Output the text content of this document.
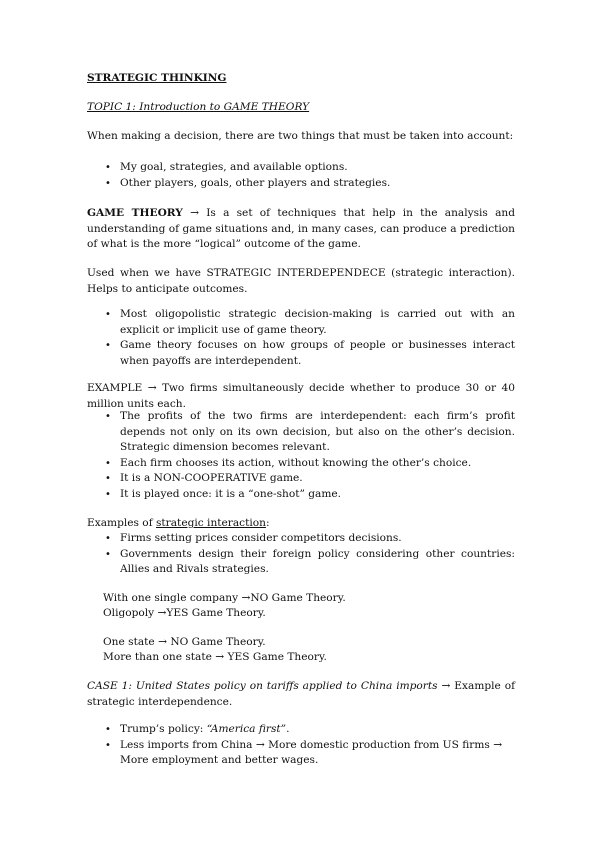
STRATEGIC THINKING

TOPIC 1: Introduction to GAME THEORY

When making a decision, there are two things that must be taken into account:

• My goal, strategies, and available options.
• Other players, goals, other players and strategies.

GAME THEORY → Is a set of techniques that help in the analysis and understanding of game situations and, in many cases, can produce a prediction of what is the more “logical” outcome of the game.

Used when we have STRATEGIC INTERDEPENDECE (strategic interaction). Helps to anticipate outcomes.

• Most oligopolistic strategic decision-making is carried out with an explicit or implicit use of game theory.
• Game theory focuses on how groups of people or businesses interact when payoffs are interdependent.

EXAMPLE → Two firms simultaneously decide whether to produce 30 or 40 million units each.

• The profits of the two firms are interdependent: each firm’s profit depends not only on its own decision, but also on the other’s decision. Strategic dimension becomes relevant.
• Each firm chooses its action, without knowing the other’s choice.
• It is a NON-COOPERATIVE game.
• It is played once: it is a “one-shot” game.

Examples of strategic interaction:

• Firms setting prices consider competitors decisions.
• Governments design their foreign policy considering other countries: Allies and Rivals strategies.

With one single company →NO Game Theory.

Oligopoly →YES Game Theory.

One state → NO Game Theory.

More than one state → YES Game Theory.

CASE 1: United States policy on tariffs applied to China imports → Example of strategic interdependence.

• Trump’s policy: “America first”.
• Less imports from China → More domestic production from US firms → More employment and better wages.
